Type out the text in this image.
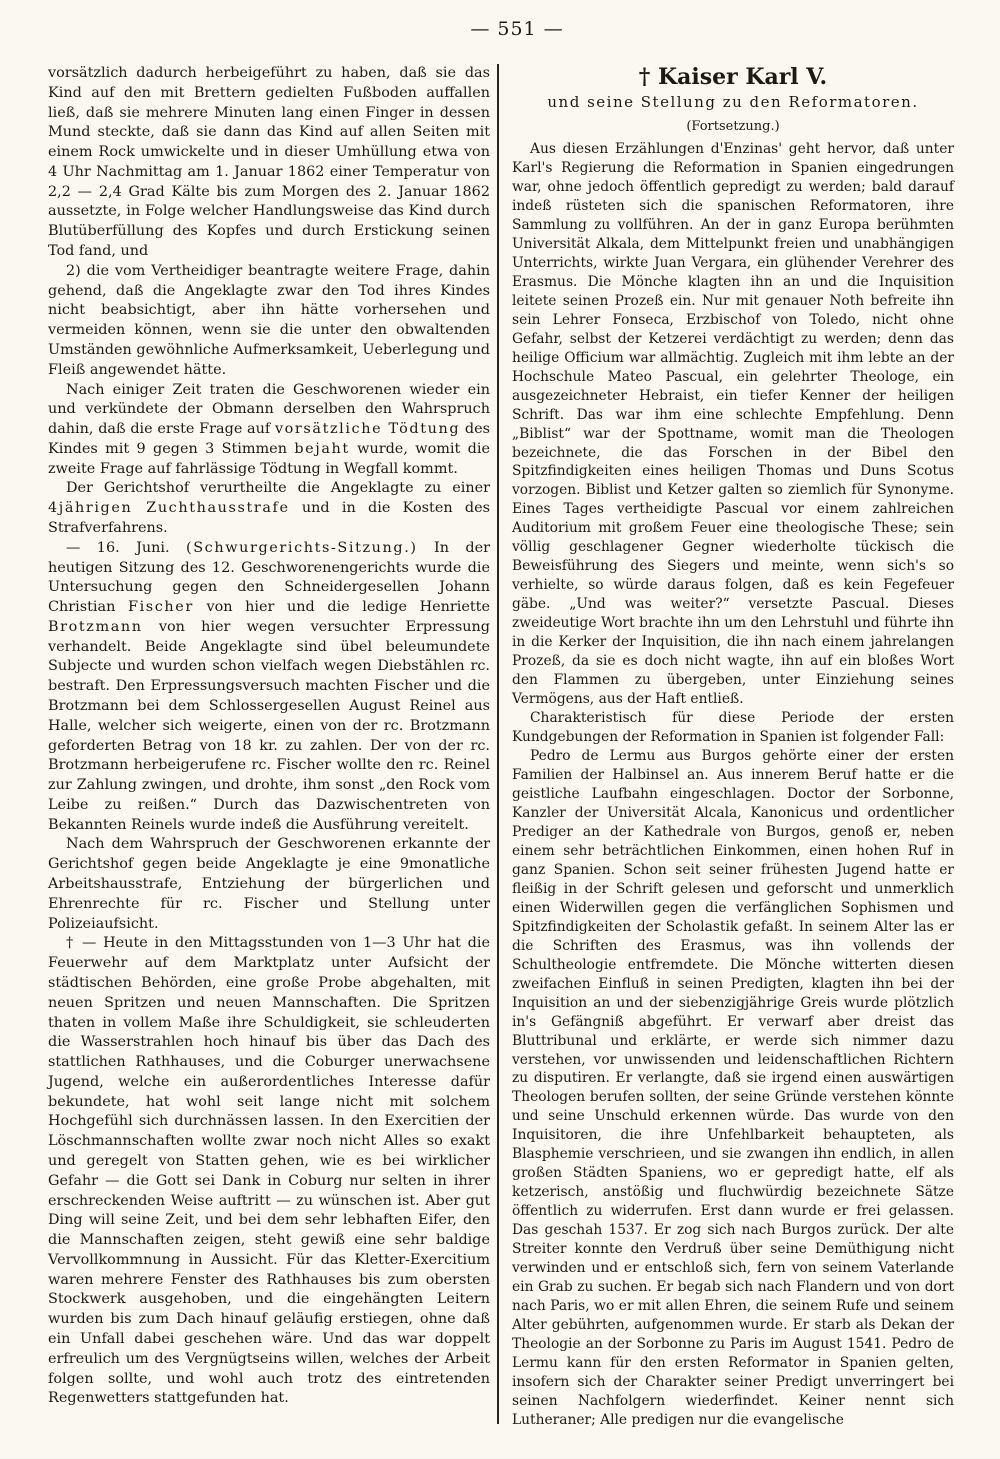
— 551 —

vorsätzlich dadurch herbeigeführt zu haben, daß sie das Kind auf den mit Brettern gedielten Fußboden auffallen ließ, daß sie mehrere Minuten lang einen Finger in dessen Mund steckte, daß sie dann das Kind auf allen Seiten mit einem Rock umwickelte und in dieser Umhüllung etwa von 4 Uhr Nachmittag am 1. Januar 1862 einer Temperatur von 2,2 — 2,4 Grad Kälte bis zum Morgen des 2. Januar 1862 aussetzte, in Folge welcher Handlungsweise das Kind durch Blutüberfüllung des Kopfes und durch Erstickung seinen Tod fand, und

2) die vom Vertheidiger beantragte weitere Frage, dahin gehend, daß die Angeklagte zwar den Tod ihres Kindes nicht beabsichtigt, aber ihn hätte vorhersehen und vermeiden können, wenn sie die unter den obwaltenden Umständen gewöhnliche Aufmerksamkeit, Ueberlegung und Fleiß angewendet hätte.

Nach einiger Zeit traten die Geschworenen wieder ein und verkündete der Obmann derselben den Wahrspruch dahin, daß die erste Frage auf vorsätzliche Tödtung des Kindes mit 9 gegen 3 Stimmen bejaht wurde, womit die zweite Frage auf fahrlässige Tödtung in Wegfall kommt.

Der Gerichtshof verurtheilte die Angeklagte zu einer 4jährigen Zuchthausstrafe und in die Kosten des Strafverfahrens.

— 16. Juni. (Schwurgerichts-Sitzung.) In der heutigen Sitzung des 12. Geschworenengerichts wurde die Untersuchung gegen den Schneidergesellen Johann Christian Fischer von hier und die ledige Henriette Brotzmann von hier wegen versuchter Erpressung verhandelt. Beide Angeklagte sind übel beleumundete Subjecte und wurden schon vielfach wegen Diebstählen rc. bestraft. Den Erpressungsversuch machten Fischer und die Brotzmann bei dem Schlossergesellen August Reinel aus Halle, welcher sich weigerte, einen von der rc. Brotzmann geforderten Betrag von 18 kr. zu zahlen. Der von der rc. Brotzmann herbeigerufene rc. Fischer wollte den rc. Reinel zur Zahlung zwingen, und drohte, ihm sonst „den Rock vom Leibe zu reißen.“ Durch das Dazwischentreten von Bekannten Reinels wurde indeß die Ausführung vereitelt.

Nach dem Wahrspruch der Geschworenen erkannte der Gerichtshof gegen beide Angeklagte je eine 9monatliche Arbeitshausstrafe, Entziehung der bürgerlichen und Ehrenrechte für rc. Fischer und Stellung unter Polizeiaufsicht.

† — Heute in den Mittagsstunden von 1—3 Uhr hat die Feuerwehr auf dem Marktplatz unter Aufsicht der städtischen Behörden, eine große Probe abgehalten, mit neuen Spritzen und neuen Mannschaften. Die Spritzen thaten in vollem Maße ihre Schuldigkeit, sie schleuderten die Wasserstrahlen hoch hinauf bis über das Dach des stattlichen Rathhauses, und die Coburger unerwachsene Jugend, welche ein außerordentliches Interesse dafür bekundete, hat wohl seit lange nicht mit solchem Hochgefühl sich durchnässen lassen. In den Exercitien der Löschmannschaften wollte zwar noch nicht Alles so exakt und geregelt von Statten gehen, wie es bei wirklicher Gefahr — die Gott sei Dank in Coburg nur selten in ihrer erschreckenden Weise auftritt — zu wünschen ist. Aber gut Ding will seine Zeit, und bei dem sehr lebhaften Eifer, den die Mannschaften zeigen, steht gewiß eine sehr baldige Vervollkommnung in Aussicht. Für das Kletter-Exercitium waren mehrere Fenster des Rathhauses bis zum obersten Stockwerk ausgehoben, und die eingehängten Leitern wurden bis zum Dach hinauf geläufig erstiegen, ohne daß ein Unfall dabei geschehen wäre. Und das war doppelt erfreulich um des Vergnügtseins willen, welches der Arbeit folgen sollte, und wohl auch trotz des eintretenden Regenwetters stattgefunden hat.

† Kaiser Karl V.
und seine Stellung zu den Reformatoren.
(Fortsetzung.)

Aus diesen Erzählungen d'Enzinas' geht hervor, daß unter Karl's Regierung die Reformation in Spanien eingedrungen war, ohne jedoch öffentlich gepredigt zu werden; bald darauf indeß rüsteten sich die spanischen Reformatoren, ihre Sammlung zu vollführen. An der in ganz Europa berühmten Universität Alkala, dem Mittelpunkt freien und unabhängigen Unterrichts, wirkte Juan Vergara, ein glühender Verehrer des Erasmus. Die Mönche klagten ihn an und die Inquisition leitete seinen Prozeß ein. Nur mit genauer Noth befreite ihn sein Lehrer Fonseca, Erzbischof von Toledo, nicht ohne Gefahr, selbst der Ketzerei verdächtigt zu werden; denn das heilige Officium war allmächtig. Zugleich mit ihm lebte an der Hochschule Mateo Pascual, ein gelehrter Theologe, ein ausgezeichneter Hebraist, ein tiefer Kenner der heiligen Schrift. Das war ihm eine schlechte Empfehlung. Denn „Biblist“ war der Spottname, womit man die Theologen bezeichnete, die das Forschen in der Bibel den Spitzfindigkeiten eines heiligen Thomas und Duns Scotus vorzogen. Biblist und Ketzer galten so ziemlich für Synonyme. Eines Tages vertheidigte Pascual vor einem zahlreichen Auditorium mit großem Feuer eine theologische These; sein völlig geschlagener Gegner wiederholte tückisch die Beweisführung des Siegers und meinte, wenn sich's so verhielte, so würde daraus folgen, daß es kein Fegefeuer gäbe. „Und was weiter?“ versetzte Pascual. Dieses zweideutige Wort brachte ihn um den Lehrstuhl und führte ihn in die Kerker der Inquisition, die ihn nach einem jahrelangen Prozeß, da sie es doch nicht wagte, ihn auf ein bloßes Wort den Flammen zu übergeben, unter Einziehung seines Vermögens, aus der Haft entließ.

Charakteristisch für diese Periode der ersten Kundgebungen der Reformation in Spanien ist folgender Fall:

Pedro de Lermu aus Burgos gehörte einer der ersten Familien der Halbinsel an. Aus innerem Beruf hatte er die geistliche Laufbahn eingeschlagen. Doctor der Sorbonne, Kanzler der Universität Alcala, Kanonicus und ordentlicher Prediger an der Kathedrale von Burgos, genoß er, neben einem sehr beträchtlichen Einkommen, einen hohen Ruf in ganz Spanien. Schon seit seiner frühesten Jugend hatte er fleißig in der Schrift gelesen und geforscht und unmerklich einen Widerwillen gegen die verfänglichen Sophismen und Spitzfindigkeiten der Scholastik gefaßt. In seinem Alter las er die Schriften des Erasmus, was ihn vollends der Schultheologie entfremdete. Die Mönche witterten diesen zweifachen Einfluß in seinen Predigten, klagten ihn bei der Inquisition an und der siebenzigjährige Greis wurde plötzlich in's Gefängniß abgeführt. Er verwarf aber dreist das Bluttribunal und erklärte, er werde sich nimmer dazu verstehen, vor unwissenden und leidenschaftlichen Richtern zu disputiren. Er verlangte, daß sie irgend einen auswärtigen Theologen berufen sollten, der seine Gründe verstehen könnte und seine Unschuld erkennen würde. Das wurde von den Inquisitoren, die ihre Unfehlbarkeit behaupteten, als Blasphemie verschrieen, und sie zwangen ihn endlich, in allen großen Städten Spaniens, wo er gepredigt hatte, elf als ketzerisch, anstößig und fluchwürdig bezeichnete Sätze öffentlich zu widerrufen. Erst dann wurde er frei gelassen. Das geschah 1537. Er zog sich nach Burgos zurück. Der alte Streiter konnte den Verdruß über seine Demüthigung nicht verwinden und er entschloß sich, fern von seinem Vaterlande ein Grab zu suchen. Er begab sich nach Flandern und von dort nach Paris, wo er mit allen Ehren, die seinem Rufe und seinem Alter gebührten, aufgenommen wurde. Er starb als Dekan der Theologie an der Sorbonne zu Paris im August 1541. Pedro de Lermu kann für den ersten Reformator in Spanien gelten, insofern sich der Charakter seiner Predigt unverringert bei seinen Nachfolgern wiederfindet. Keiner nennt sich Lutheraner; Alle predigen nur die evangelische
